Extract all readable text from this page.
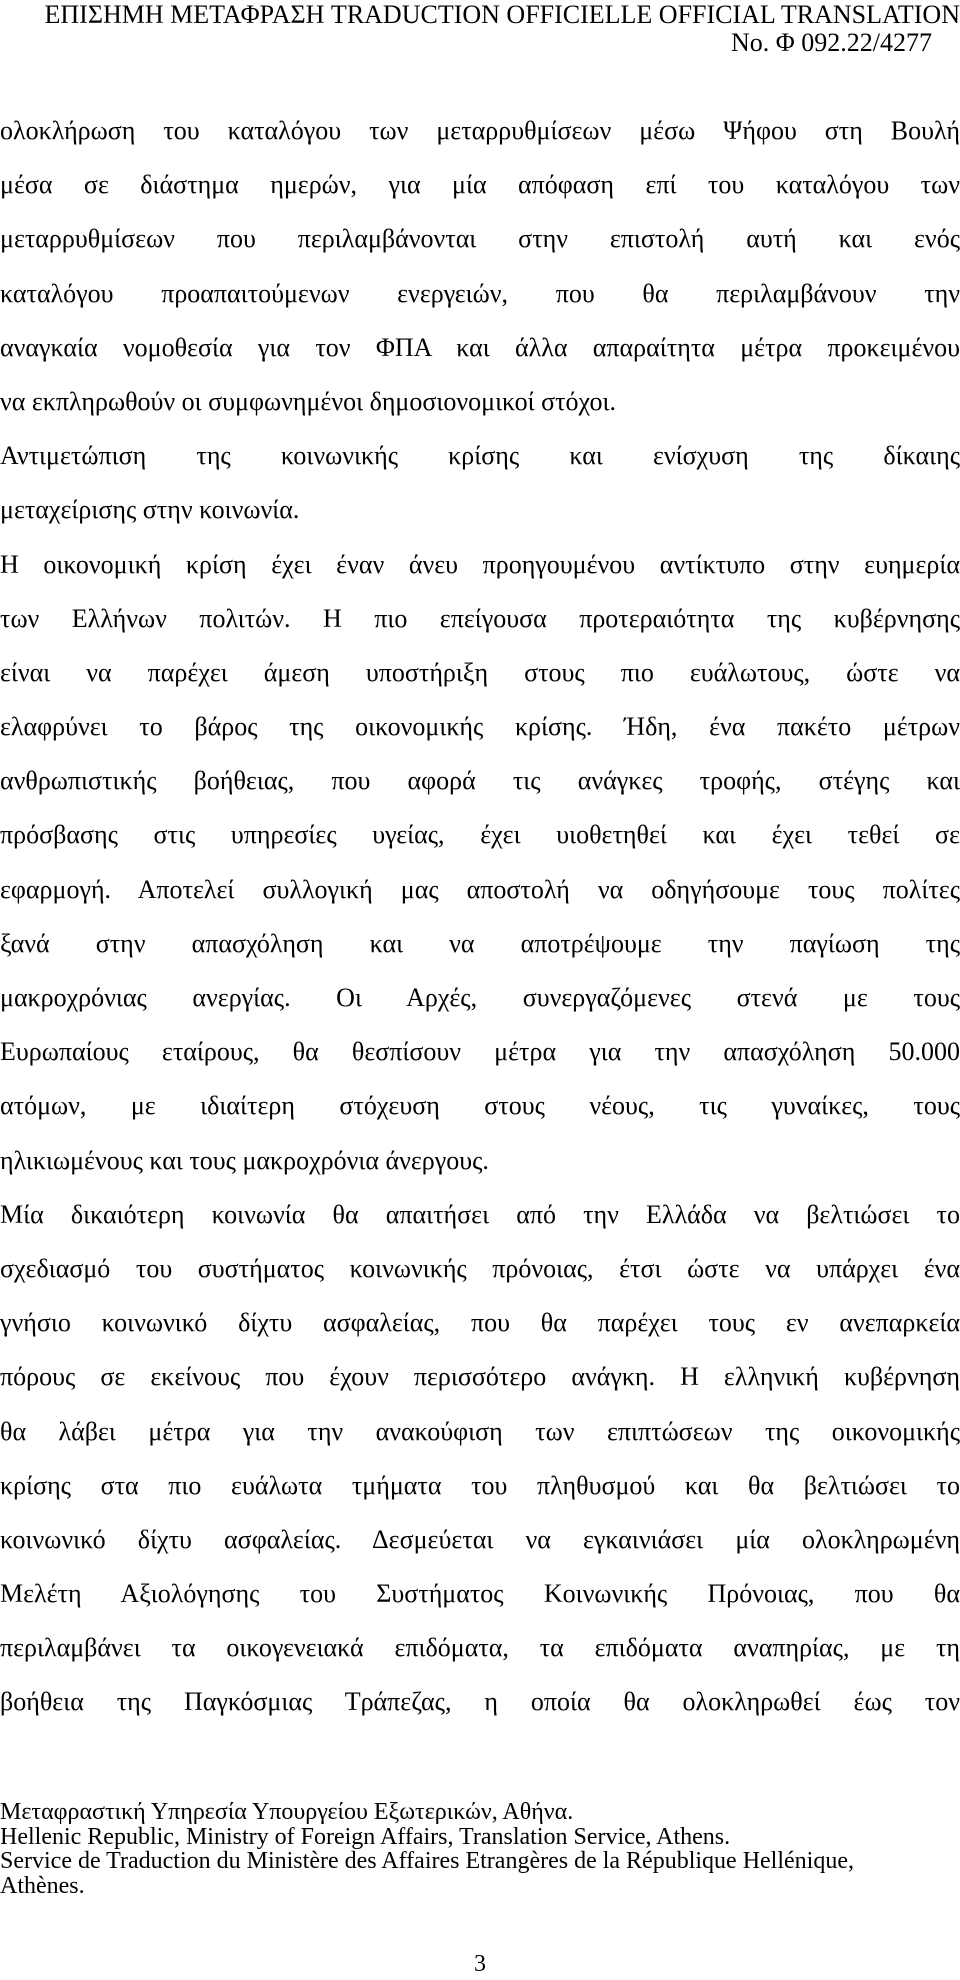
ΕΠΙΣΗΜΗ ΜΕΤΑΦΡΑΣΗ TRADUCTION OFFICIELLE OFFICIAL TRANSLATION
No. Φ 092.22/4277
ολοκλήρωση του καταλόγου των μεταρρυθμίσεων μέσω Ψήφου στη Βουλή
μέσα σε διάστημα ημερών, για μία απόφαση επί του καταλόγου των
μεταρρυθμίσεων που περιλαμβάνονται στην επιστολή αυτή και ενός
καταλόγου προαπαιτούμενων ενεργειών, που θα περιλαμβάνουν την
αναγκαία νομοθεσία για τον ΦΠΑ και άλλα απαραίτητα μέτρα προκειμένου
να εκπληρωθούν οι συμφωνημένοι δημοσιονομικοί στόχοι.
Αντιμετώπιση της κοινωνικής κρίσης και ενίσχυση της δίκαιης
μεταχείρισης στην κοινωνία.
Η οικονομική κρίση έχει έναν άνευ προηγουμένου αντίκτυπο στην ευημερία
των Ελλήνων πολιτών. Η πιο επείγουσα προτεραιότητα της κυβέρνησης
είναι να παρέχει άμεση υποστήριξη στους πιο ευάλωτους, ώστε να
ελαφρύνει το βάρος της οικονομικής κρίσης. Ήδη, ένα πακέτο μέτρων
ανθρωπιστικής βοήθειας, που αφορά τις ανάγκες τροφής, στέγης και
πρόσβασης στις υπηρεσίες υγείας, έχει υιοθετηθεί και έχει τεθεί σε
εφαρμογή. Αποτελεί συλλογική μας αποστολή να οδηγήσουμε τους πολίτες
ξανά στην απασχόληση και να αποτρέψουμε την παγίωση της
μακροχρόνιας ανεργίας. Οι Αρχές, συνεργαζόμενες στενά με τους
Ευρωπαίους εταίρους, θα θεσπίσουν μέτρα για την απασχόληση 50.000
ατόμων, με ιδιαίτερη στόχευση στους νέους, τις γυναίκες, τους
ηλικιωμένους και τους μακροχρόνια άνεργους.
Μία δικαιότερη κοινωνία θα απαιτήσει από την Ελλάδα να βελτιώσει το
σχεδιασμό του συστήματος κοινωνικής πρόνοιας, έτσι ώστε να υπάρχει ένα
γνήσιο κοινωνικό δίχτυ ασφαλείας, που θα παρέχει τους εν ανεπαρκεία
πόρους σε εκείνους που έχουν περισσότερο ανάγκη. Η ελληνική κυβέρνηση
θα λάβει μέτρα για την ανακούφιση των επιπτώσεων της οικονομικής
κρίσης στα πιο ευάλωτα τμήματα του πληθυσμού και θα βελτιώσει το
κοινωνικό δίχτυ ασφαλείας. Δεσμεύεται να εγκαινιάσει μία ολοκληρωμένη
Μελέτη Αξιολόγησης του Συστήματος Κοινωνικής Πρόνοιας, που θα
περιλαμβάνει τα οικογενειακά επιδόματα, τα επιδόματα αναπηρίας, με τη
βοήθεια της Παγκόσμιας Τράπεζας, η οποία θα ολοκληρωθεί έως τον
Μεταφραστική Υπηρεσία Υπουργείου Εξωτερικών, Αθήνα.
Hellenic Republic, Ministry of Foreign Affairs, Translation Service, Athens.
Service de Traduction du Ministère des Affaires Etrangères de la République Hellénique,
Athènes.
3
